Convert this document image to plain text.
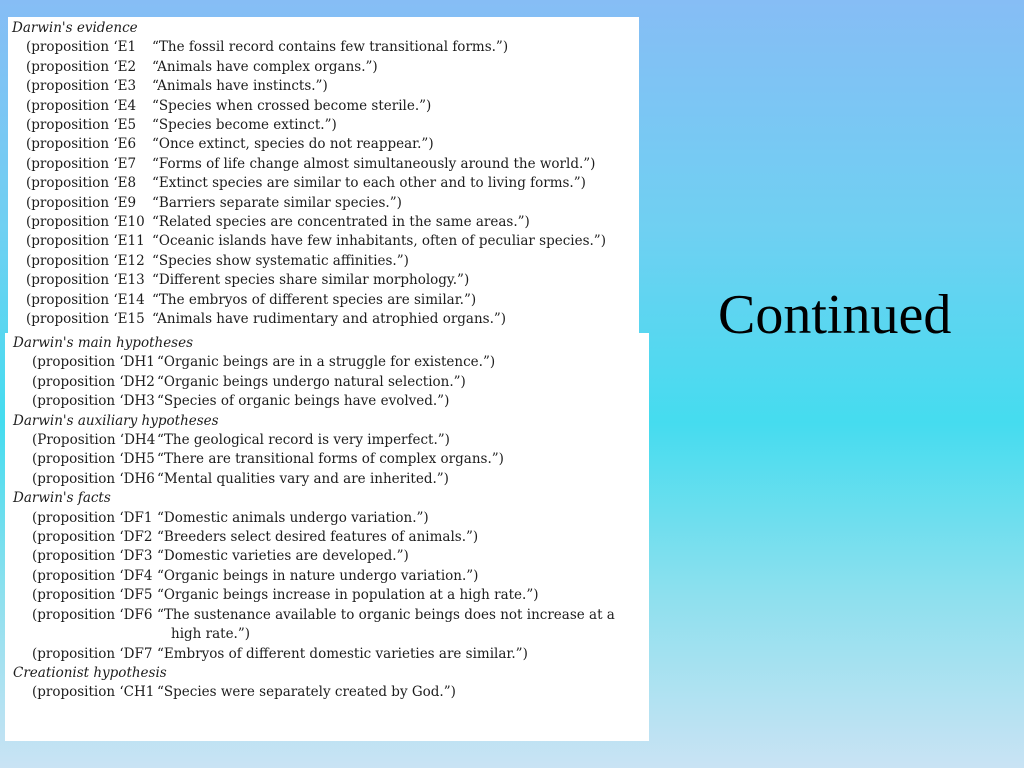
Darwin's evidence
(proposition ‘E1	“The fossil record contains few transitional forms.”)
(proposition ‘E2	“Animals have complex organs.”)
(proposition ‘E3	“Animals have instincts.”)
(proposition ‘E4	“Species when crossed become sterile.”)
(proposition ‘E5	“Species become extinct.”)
(proposition ‘E6	“Once extinct, species do not reappear.”)
(proposition ‘E7	“Forms of life change almost simultaneously around the world.”)
(proposition ‘E8	“Extinct species are similar to each other and to living forms.”)
(proposition ‘E9	“Barriers separate similar species.”)
(proposition ‘E10 “Related species are concentrated in the same areas.”)
(proposition ‘E11 “Oceanic islands have few inhabitants, often of peculiar species.”)
(proposition ‘E12 “Species show systematic affinities.”)
(proposition ‘E13 “Different species share similar morphology.”)
(proposition ‘E14 “The embryos of different species are similar.”)
(proposition ‘E15 “Animals have rudimentary and atrophied organs.”)
Darwin's main hypotheses
(proposition ‘DH1 “Organic beings are in a struggle for existence.”)
(proposition ‘DH2 “Organic beings undergo natural selection.”)
(proposition ‘DH3 “Species of organic beings have evolved.”)
Darwin's auxiliary hypotheses
(Proposition ‘DH4 “The geological record is very imperfect.”)
(proposition ‘DH5 “There are transitional forms of complex organs.”)
(proposition ‘DH6 “Mental qualities vary and are inherited.”)
Darwin's facts
(proposition ‘DF1 “Domestic animals undergo variation.”)
(proposition ‘DF2 “Breeders select desired features of animals.”)
(proposition ‘DF3 “Domestic varieties are developed.”)
(proposition ‘DF4 “Organic beings in nature undergo variation.”)
(proposition ‘DF5 “Organic beings increase in population at a high rate.”)
(proposition ‘DF6 “The sustenance available to organic beings does not increase at a
high rate.”)
(proposition ‘DF7 “Embryos of different domestic varieties are similar.”)
Creationist hypothesis
(proposition ‘CH1 “Species were separately created by God.”)
Continued
